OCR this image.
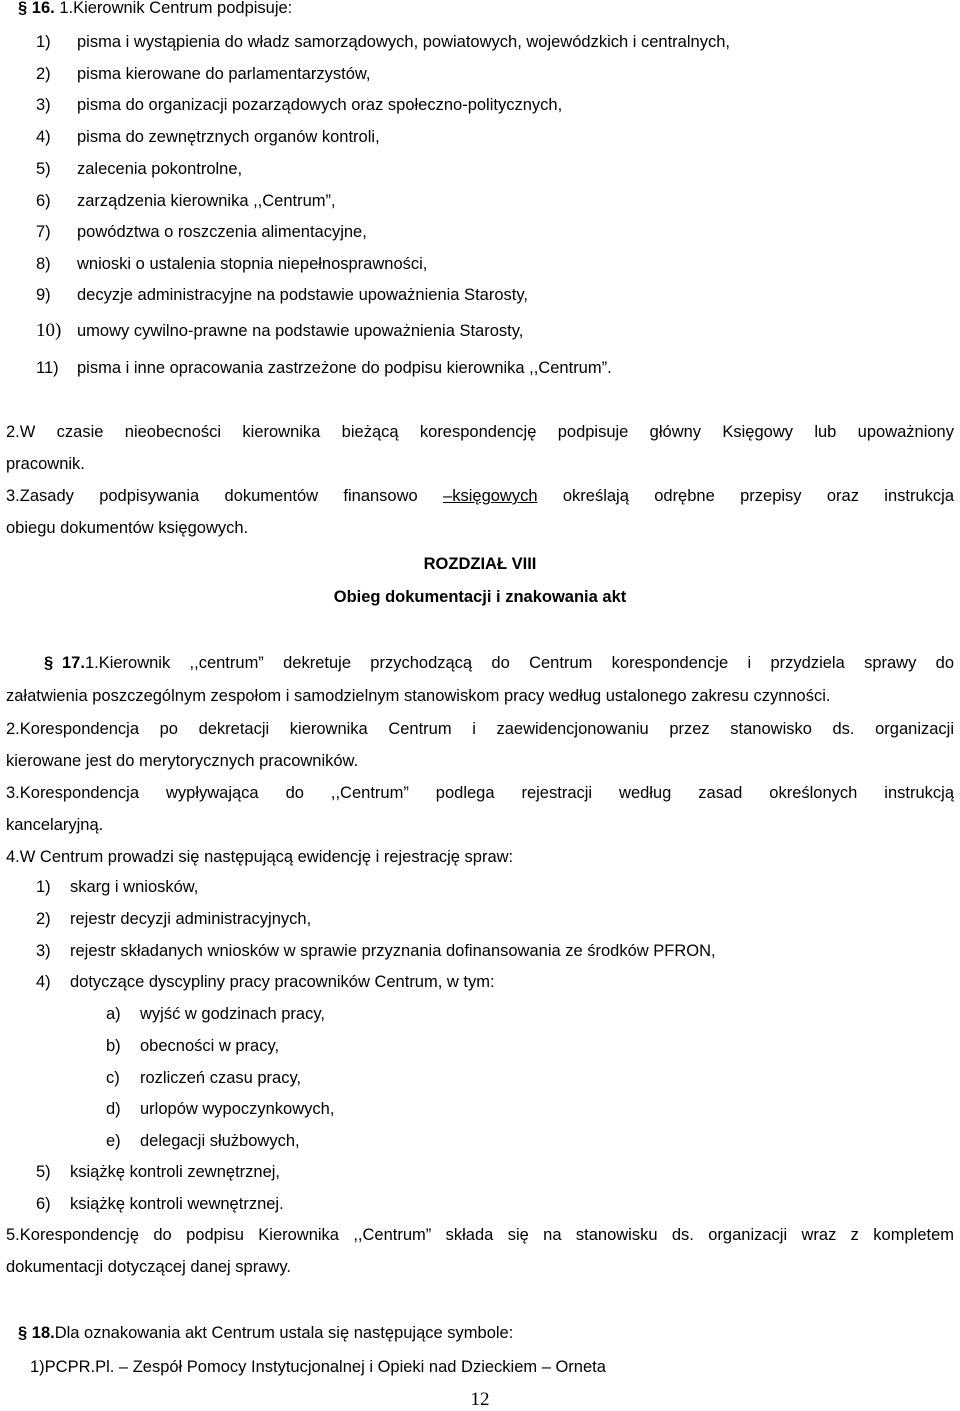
§ 16. 1.Kierownik Centrum podpisuje:
1) pisma i wystąpienia do władz samorządowych, powiatowych, wojewódzkich i centralnych,
2) pisma kierowane do parlamentarzystów,
3) pisma do organizacji pozarządowych oraz społeczno-politycznych,
4) pisma do zewnętrznych organów kontroli,
5) zalecenia pokontrolne,
6) zarządzenia kierownika ,,Centrum”,
7) powództwa o roszczenia alimentacyjne,
8) wnioski o ustalenia stopnia niepełnosprawności,
9) decyzje administracyjne na podstawie upoważnienia Starosty,
10) umowy cywilno-prawne na podstawie upoważnienia Starosty,
11) pisma i inne opracowania zastrzeżone do podpisu kierownika ,,Centrum”.
2.W czasie nieobecności kierownika bieżącą korespondencję podpisuje główny Księgowy lub upoważniony
pracownik.
3.Zasady podpisywania dokumentów finansowo –księgowych określają odrębne przepisy oraz instrukcja
obiegu dokumentów księgowych.
ROZDZIAŁ VIII
Obieg dokumentacji i znakowania akt
§ 17.1.Kierownik ,,centrum” dekretuje przychodzącą do Centrum korespondencje i przydziela sprawy do
załatwienia poszczególnym zespołom i samodzielnym stanowiskom pracy według ustalonego zakresu czynności.
2.Korespondencja po dekretacji kierownika Centrum i zaewidencjonowaniu przez stanowisko ds. organizacji
kierowane jest do merytorycznych pracowników.
3.Korespondencja wypływająca do ,,Centrum” podlega rejestracji według zasad określonych instrukcją
kancelaryjną.
4.W Centrum prowadzi się następującą ewidencję i rejestrację spraw:
1) skarg i wniosków,
2) rejestr decyzji administracyjnych,
3) rejestr składanych wniosków w sprawie przyznania dofinansowania ze środków PFRON,
4) dotyczące dyscypliny pracy pracowników Centrum, w tym:
a) wyjść w godzinach pracy,
b) obecności w pracy,
c) rozliczeń czasu pracy,
d) urlopów wypoczynkowych,
e) delegacji służbowych,
5) książkę kontroli zewnętrznej,
6) książkę kontroli wewnętrznej.
5.Korespondencję do podpisu Kierownika ,,Centrum” składa się na stanowisku ds. organizacji wraz z kompletem
dokumentacji dotyczącej danej sprawy.
§ 18.Dla oznakowania akt Centrum ustala się następujące symbole:
1)PCPR.Pl. – Zespół Pomocy Instytucjonalnej i Opieki nad Dzieckiem – Orneta
12
